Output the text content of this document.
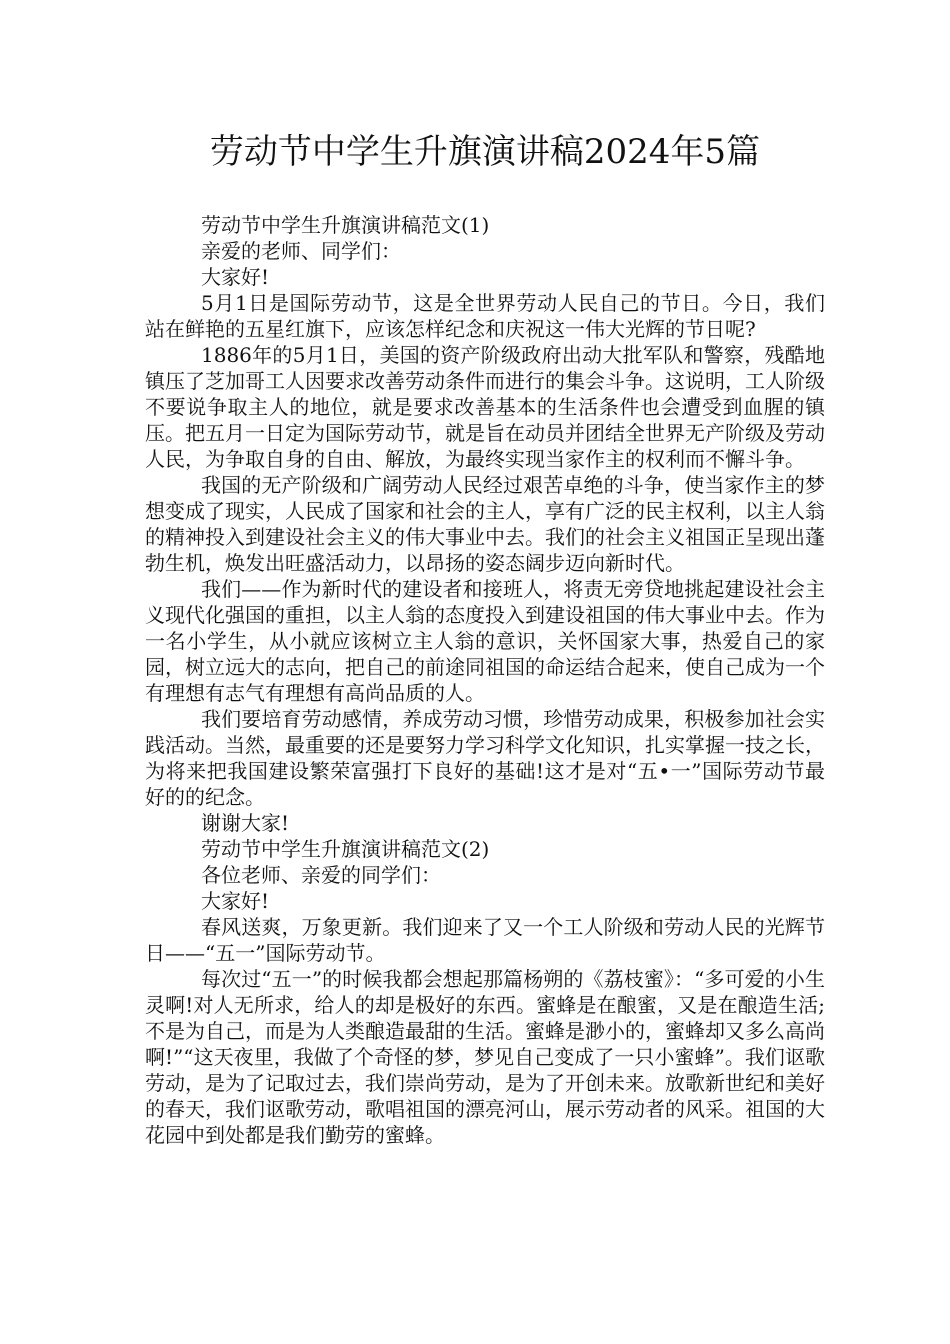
劳动节中学生升旗演讲稿2024年5篇

劳动节中学生升旗演讲稿范文(1)

亲爱的老师、同学们：

大家好!

5月1日是国际劳动节，这是全世界劳动人民自己的节日。今日，我们站在鲜艳的五星红旗下，应该怎样纪念和庆祝这一伟大光辉的节日呢?

1886年的5月1日，美国的资产阶级政府出动大批军队和警察，残酷地镇压了芝加哥工人因要求改善劳动条件而进行的集会斗争。这说明，工人阶级不要说争取主人的地位，就是要求改善基本的生活条件也会遭受到血腥的镇压。把五月一日定为国际劳动节，就是旨在动员并团结全世界无产阶级及劳动人民，为争取自身的自由、解放，为最终实现当家作主的权利而不懈斗争。

我国的无产阶级和广阔劳动人民经过艰苦卓绝的斗争，使当家作主的梦想变成了现实，人民成了国家和社会的主人，享有广泛的民主权利，以主人翁的精神投入到建设社会主义的伟大事业中去。我们的社会主义祖国正呈现出蓬勃生机，焕发出旺盛活动力，以昂扬的姿态阔步迈向新时代。

我们——作为新时代的建设者和接班人，将责无旁贷地挑起建设社会主义现代化强国的重担，以主人翁的态度投入到建设祖国的伟大事业中去。作为一名小学生，从小就应该树立主人翁的意识，关怀国家大事，热爱自己的家园，树立远大的志向，把自己的前途同祖国的命运结合起来，使自己成为一个有理想有志气有理想有高尚品质的人。

我们要培育劳动感情，养成劳动习惯，珍惜劳动成果，积极参加社会实践活动。当然，最重要的还是要努力学习科学文化知识，扎实掌握一技之长，为将来把我国建设繁荣富强打下良好的基础!这才是对“五•一”国际劳动节最好的的纪念。

谢谢大家!

劳动节中学生升旗演讲稿范文(2)

各位老师、亲爱的同学们：

大家好!

春风送爽，万象更新。我们迎来了又一个工人阶级和劳动人民的光辉节日——“五一”国际劳动节。

每次过“五一”的时候我都会想起那篇杨朔的《荔枝蜜》：“多可爱的小生灵啊!对人无所求，给人的却是极好的东西。蜜蜂是在酿蜜，又是在酿造生活;不是为自己，而是为人类酿造最甜的生活。蜜蜂是渺小的，蜜蜂却又多么高尚啊!”“这天夜里，我做了个奇怪的梦，梦见自己变成了一只小蜜蜂”。我们讴歌劳动，是为了记取过去，我们崇尚劳动，是为了开创未来。放歌新世纪和美好的春天，我们讴歌劳动，歌唱祖国的漂亮河山，展示劳动者的风采。祖国的大花园中到处都是我们勤劳的蜜蜂。
